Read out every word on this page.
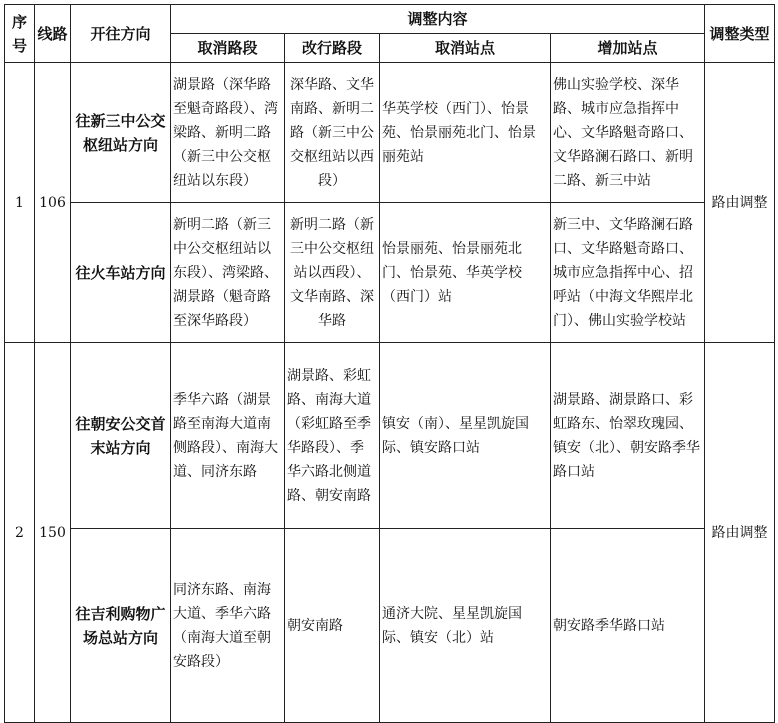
序号	线路	开往方向	调整内容				调整类型
			取消路段	改行路段	取消站点	增加站点	
1	106	往新三中公交枢纽站方向	湖景路（深华路至魁奇路段）、湾梁路、新明二路（新三中公交枢纽站以东段）	深华路、文华南路、新明二路（新三中公交枢纽站以西段）	华英学校（西门）、怡景苑、怡景丽苑北门、怡景丽苑站	佛山实验学校、深华路、城市应急指挥中心、文华路魁奇路口、文华路澜石路口、新明二路、新三中站	路由调整
		往火车站方向	新明二路（新三中公交枢纽站以东段）、湾梁路、湖景路（魁奇路至深华路段）	新明二路（新三中公交枢纽站以西段）、文华南路、深华路	怡景丽苑、怡景丽苑北门、怡景苑、华英学校（西门）站	新三中、文华路澜石路口、文华路魁奇路口、城市应急指挥中心、招呼站（中海文华熙岸北门）、佛山实验学校站	
2	150	往朝安公交首末站方向	季华六路（湖景路至南海大道南侧路段）、南海大道、同济东路	湖景路、彩虹路、南海大道（彩虹路至季华路段）、季华六路北侧道路、朝安南路	镇安（南）、星星凯旋国际、镇安路口站	湖景路、湖景路口、彩虹路东、怡翠玫瑰园、镇安（北）、朝安路季华路口站	路由调整
		往吉利购物广场总站方向	同济东路、南海大道、季华六路（南海大道至朝安路段）	朝安南路	通济大院、星星凯旋国际、镇安（北）站	朝安路季华路口站	
